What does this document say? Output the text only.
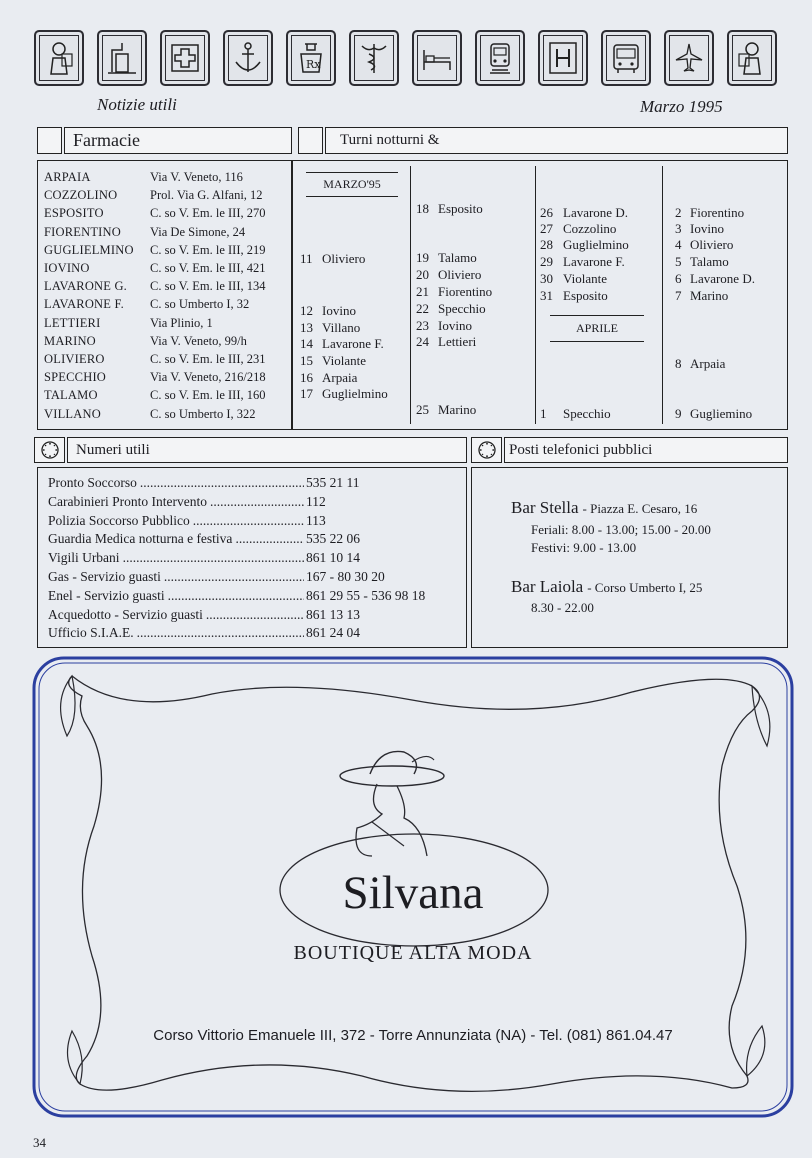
Rx
Notizie utili	Marzo 1995
Farmacie	Turni notturni &
ARPAIA	Via V. Veneto, 116
COZZOLINO	Prol. Via G. Alfani, 12
ESPOSITO	C. so V. Em. le III, 270
FIORENTINO	Via De Simone, 24
GUGLIELMINO	C. so V. Em. le III, 219
IOVINO	C. so V. Em. le III, 421
LAVARONE G.	C. so V. Em. le III, 134
LAVARONE F.	C. so Umberto I, 32
LETTIERI	Via Plinio, 1
MARINO	Via V. Veneto, 99/h
OLIVIERO	C. so V. Em. le III, 231
SPECCHIO	Via V. Veneto, 216/218
TALAMO	C. so V. Em. le III, 160
VILLANO	C. so Umberto I, 322
MARZO'95
APRILE
11 Oliviero
12 Iovino
13 Villano
14 Lavarone F.
15 Violante
16 Arpaia
17 Guglielmino
18 Esposito
19 Talamo
20 Oliviero
21 Fiorentino
22 Specchio
23 Iovino
24 Lettieri
25 Marino
26 Lavarone D.
27 Cozzolino
28 Guglielmino
29 Lavarone F.
30 Violante
31 Esposito
1 Specchio
2 Fiorentino
3 Iovino
4 Oliviero
5 Talamo
6 Lavarone D.
7 Marino
8 Arpaia
9 Gugliemino
Numeri utili	Posti telefonici pubblici
Pronto Soccorso .....	535 21 11
Carabinieri Pronto Intervento .....	112
Polizia Soccorso Pubblico .....	113
Guardia Medica notturna e festiva .....	535 22 06
Vigili Urbani .....	861 10 14
Gas - Servizio guasti .....	167 - 80 30 20
Enel - Servizio guasti .....	861 29 55 - 536 98 18
Acquedotto - Servizio guasti .....	861 13 13
Ufficio S.I.A.E. .....	861 24 04
Bar Stella - Piazza E. Cesaro, 16
Feriali: 8.00 - 13.00; 15.00 - 20.00
Festivi: 9.00 - 13.00
Bar Laiola - Corso Umberto I, 25
8.30 - 22.00
Silvana
BOUTIQUE ALTA MODA
Corso Vittorio Emanuele III, 372 - Torre Annunziata (NA) - Tel. (081) 861.04.47
34
